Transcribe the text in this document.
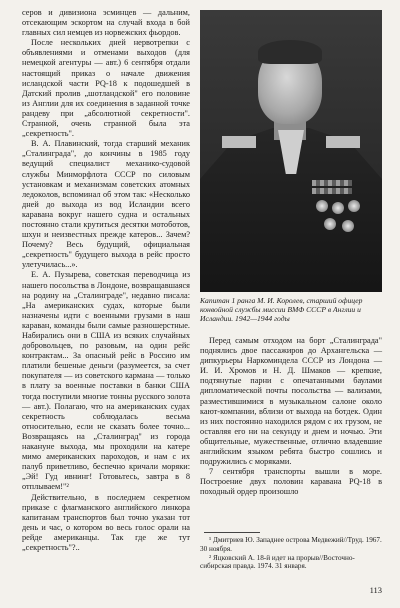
серов и дивизиона эсминцев — дальним, отсекающим эскортом на случай входа в бой главных сил немцев из норвежских фьордов.

После нескольких дней нервотрепки с объявлениями и отменами выходов (для немецкой агентуры — авт.) 6 сентября отдали настоящий приказ о начале движения исландской части PQ-18 к подошедшей в Датский пролив „шотландской" его половине из Англии для их соединения в заданной точке рандеву при „абсолютной секретности". Странной, очень странной была эта „секретность".

В. А. Плавинский, тогда старший механик „Сталинграда", до кончины в 1985 году ведущий специалист механико-судовой службы Минморфлота СССР по силовым установкам и механизмам советских атомных ледоколов, вспоминал об этом так: «Несколько дней до выхода из вод Исландии всего каравана вокруг нашего судна и остальных постоянно стали крутиться десятки мотоботов, шхун и неизвестных прежде катеров... Зачем? Почему? Весь будущий, официальная „секретность" будущего выхода в рейс просто улетучилась...».

Е. А. Пузырева, советская переводчица из нашего посольства в Лондоне, возвращавшаяся на родину на „Сталинграде", недавно писала: „На американских судах, которые были назначены идти с военными грузами в наш караван, команды были самые разношерстные. Набирались они в США из всяких случайных добровольцев, по разовым, на один рейс контрактам... За опасный рейс в Россию им платили бешеные деньги (разумеется, за счет покупателя — из советского кармана — только в плату за военные поставки в банки США тогда поступили многие тонны русского золота — авт.). Полагаю, что на американских судах секретность соблюдалась весьма относительно, если не сказать более точно... Возвращаясь на „Сталинград" из города накануне выхода, мы проходили на катере мимо американских пароходов, и нам с их палуб приветливо, беспечно кричали моряки: „Эй! Гуд ивнинг! Готовьтесь, завтра в 8 отплываем!"²

Действительно, в последнем секретном приказе с флагманского английского линкора капитанам транспортов был точно указан тот день и час, о котором во весь голос орали на рейде американцы. Так где же тут „секретность"?..

Капитан 1 ранга М. И. Королев, старший офицер конвойной службы миссии ВМФ СССР в Англии и Исландии. 1942—1944 годы

Перед самым отходом на борт „Сталинграда" поднялись двое пассажиров до Архангельска — дипкурьеры Наркоминдела СССР из Лондона — И. И. Хромов и Н. Д. Шмаков — крепкие, подтянутые парни с опечатанными баулами дипломатической почты посольства — вализами, разместившимися в музыкальном салоне около кают-компании, вблизи от выхода на ботдек. Один из них постоянно находился рядом с их грузом, не оставляя его ни на секунду и днем и ночью. Эти общительные, мужественные, отлично владевшие английским языком ребята быстро сошлись и подружились с моряками.

7 сентября транспорты вышли в море. Построение двух половин каравана PQ-18 в походный ордер произошло

¹ Дмитриев Ю. Западнее острова Медвежий//Труд. 1967. 30 ноября.

² Яцковский А. 18-й идет на прорыв//Восточно-сибирская правда. 1974. 31 января.

113
